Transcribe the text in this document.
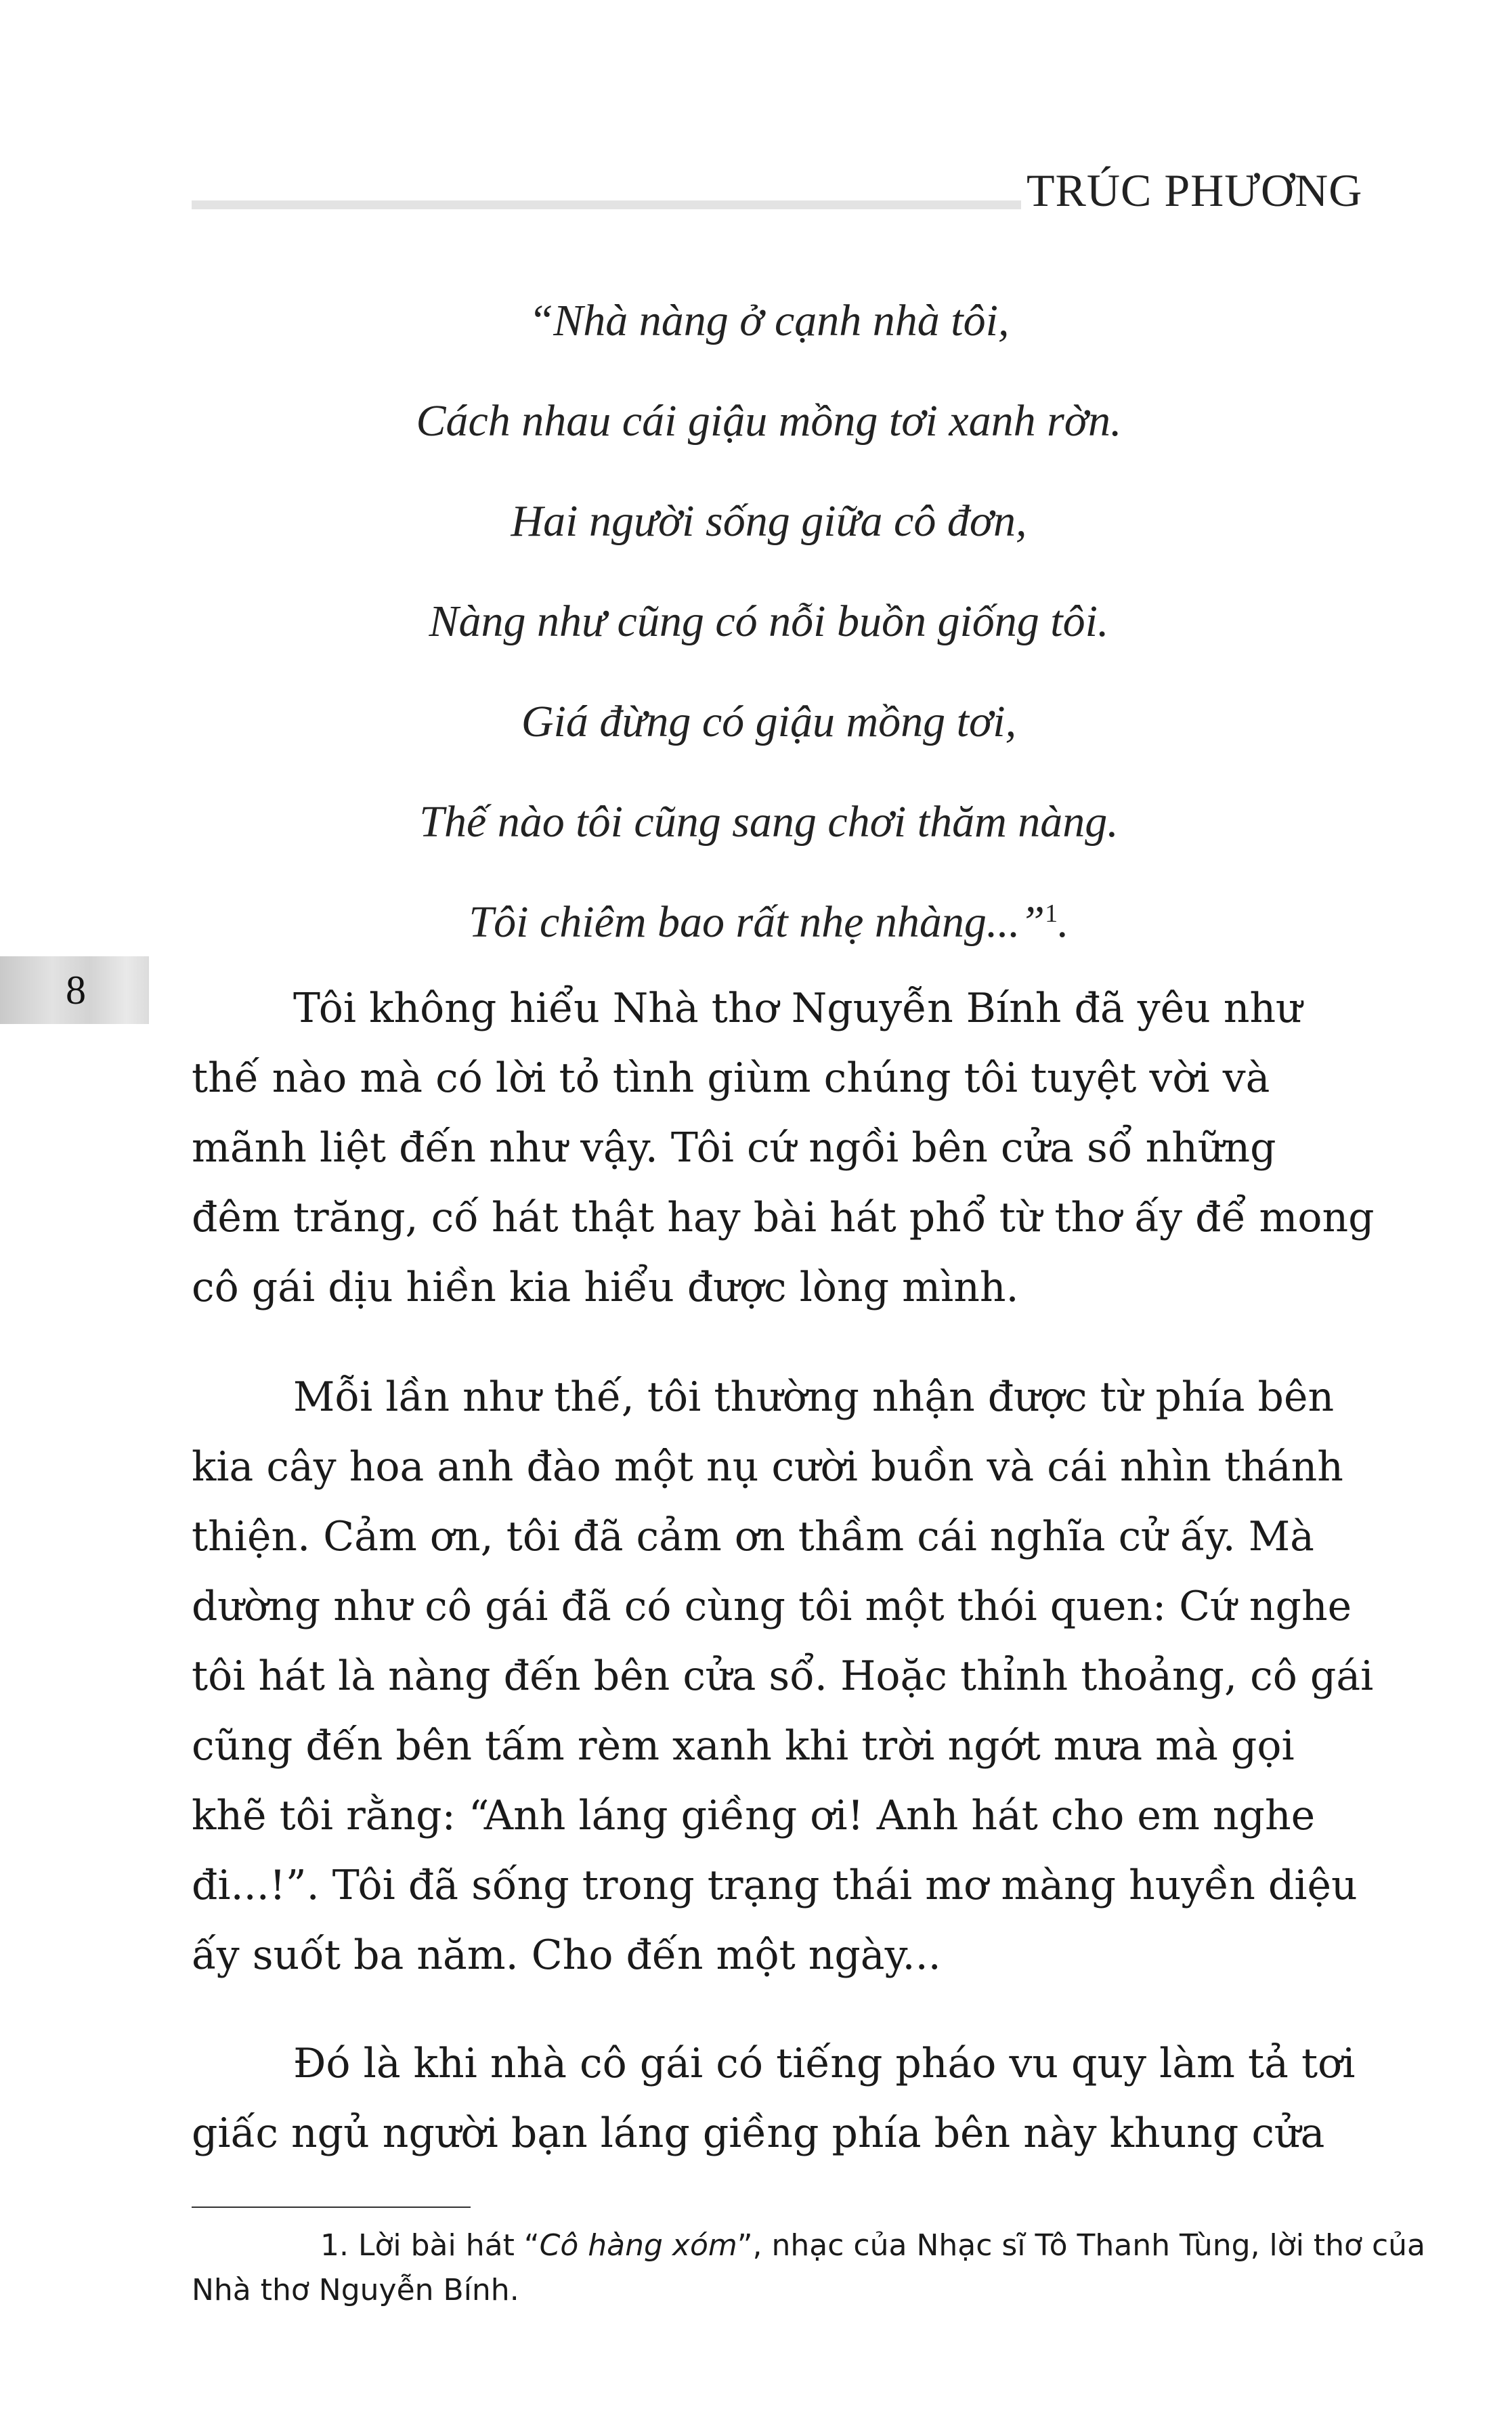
TRÚC PHƯƠNG
“Nhà nàng ở cạnh nhà tôi,
Cách nhau cái giậu mồng tơi xanh rờn.
Hai người sống giữa cô đơn,
Nàng như cũng có nỗi buồn giống tôi.
Giá đừng có giậu mồng tơi,
Thế nào tôi cũng sang chơi thăm nàng.
Tôi chiêm bao rất nhẹ nhàng...”$^1$.
8	Tôi không hiểu Nhà thơ Nguyễn Bính đã yêu như
thế nào mà có lời tỏ tình giùm chúng tôi tuyệt vời và
mãnh liệt đến như vậy. Tôi cứ ngồi bên cửa sổ những
đêm trăng, cố hát thật hay bài hát phổ từ thơ ấy để mong
cô gái dịu hiền kia hiểu được lòng mình.
Mỗi lần như thế, tôi thường nhận được từ phía bên
kia cây hoa anh đào một nụ cười buồn và cái nhìn thánh
thiện. Cảm ơn, tôi đã cảm ơn thầm cái nghĩa cử ấy. Mà
dường như cô gái đã có cùng tôi một thói quen: Cứ nghe
tôi hát là nàng đến bên cửa sổ. Hoặc thỉnh thoảng, cô gái
cũng đến bên tấm rèm xanh khi trời ngớt mưa mà gọi
khẽ tôi rằng: “Anh láng giềng ơi! Anh hát cho em nghe
đi...!”. Tôi đã sống trong trạng thái mơ màng huyền diệu
ấy suốt ba năm. Cho đến một ngày...
Đó là khi nhà cô gái có tiếng pháo vu quy làm tả tơi
giấc ngủ người bạn láng giềng phía bên này khung cửa
1. Lời bài hát “Cô hàng xóm”, nhạc của Nhạc sĩ Tô Thanh Tùng, lời thơ của
Nhà thơ Nguyễn Bính.
